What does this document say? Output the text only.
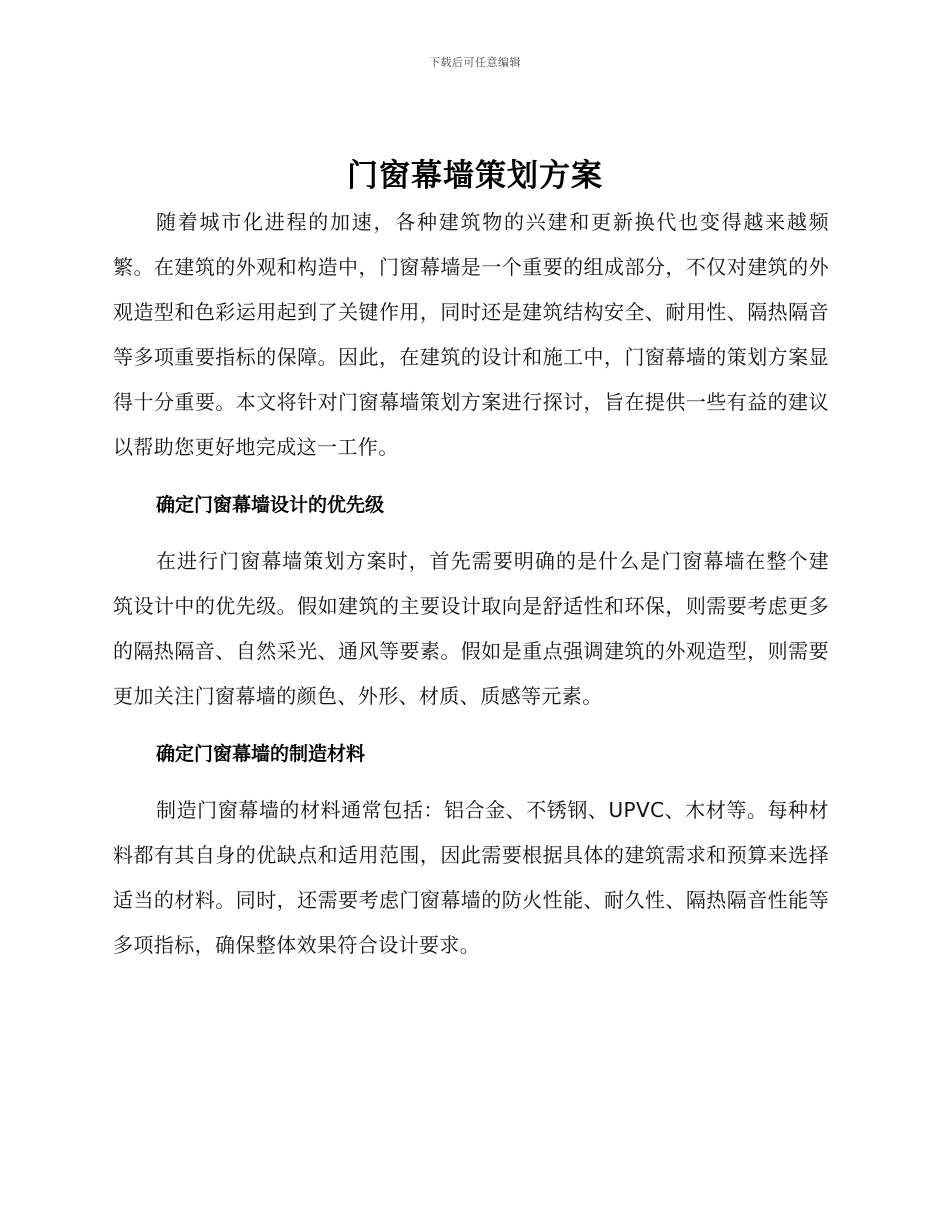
下载后可任意编辑
门窗幕墙策划方案

随着城市化进程的加速，各种建筑物的兴建和更新换代也变得越来越频繁。在建筑的外观和构造中，门窗幕墙是一个重要的组成部分，不仅对建筑的外观造型和色彩运用起到了关键作用，同时还是建筑结构安全、耐用性、隔热隔音等多项重要指标的保障。因此，在建筑的设计和施工中，门窗幕墙的策划方案显得十分重要。本文将针对门窗幕墙策划方案进行探讨，旨在提供一些有益的建议以帮助您更好地完成这一工作。

确定门窗幕墙设计的优先级

在进行门窗幕墙策划方案时，首先需要明确的是什么是门窗幕墙在整个建筑设计中的优先级。假如建筑的主要设计取向是舒适性和环保，则需要考虑更多的隔热隔音、自然采光、通风等要素。假如是重点强调建筑的外观造型，则需要更加关注门窗幕墙的颜色、外形、材质、质感等元素。

确定门窗幕墙的制造材料

制造门窗幕墙的材料通常包括：铝合金、不锈钢、UPVC、木材等。每种材料都有其自身的优缺点和适用范围，因此需要根据具体的建筑需求和预算来选择适当的材料。同时，还需要考虑门窗幕墙的防火性能、耐久性、隔热隔音性能等多项指标，确保整体效果符合设计要求。
